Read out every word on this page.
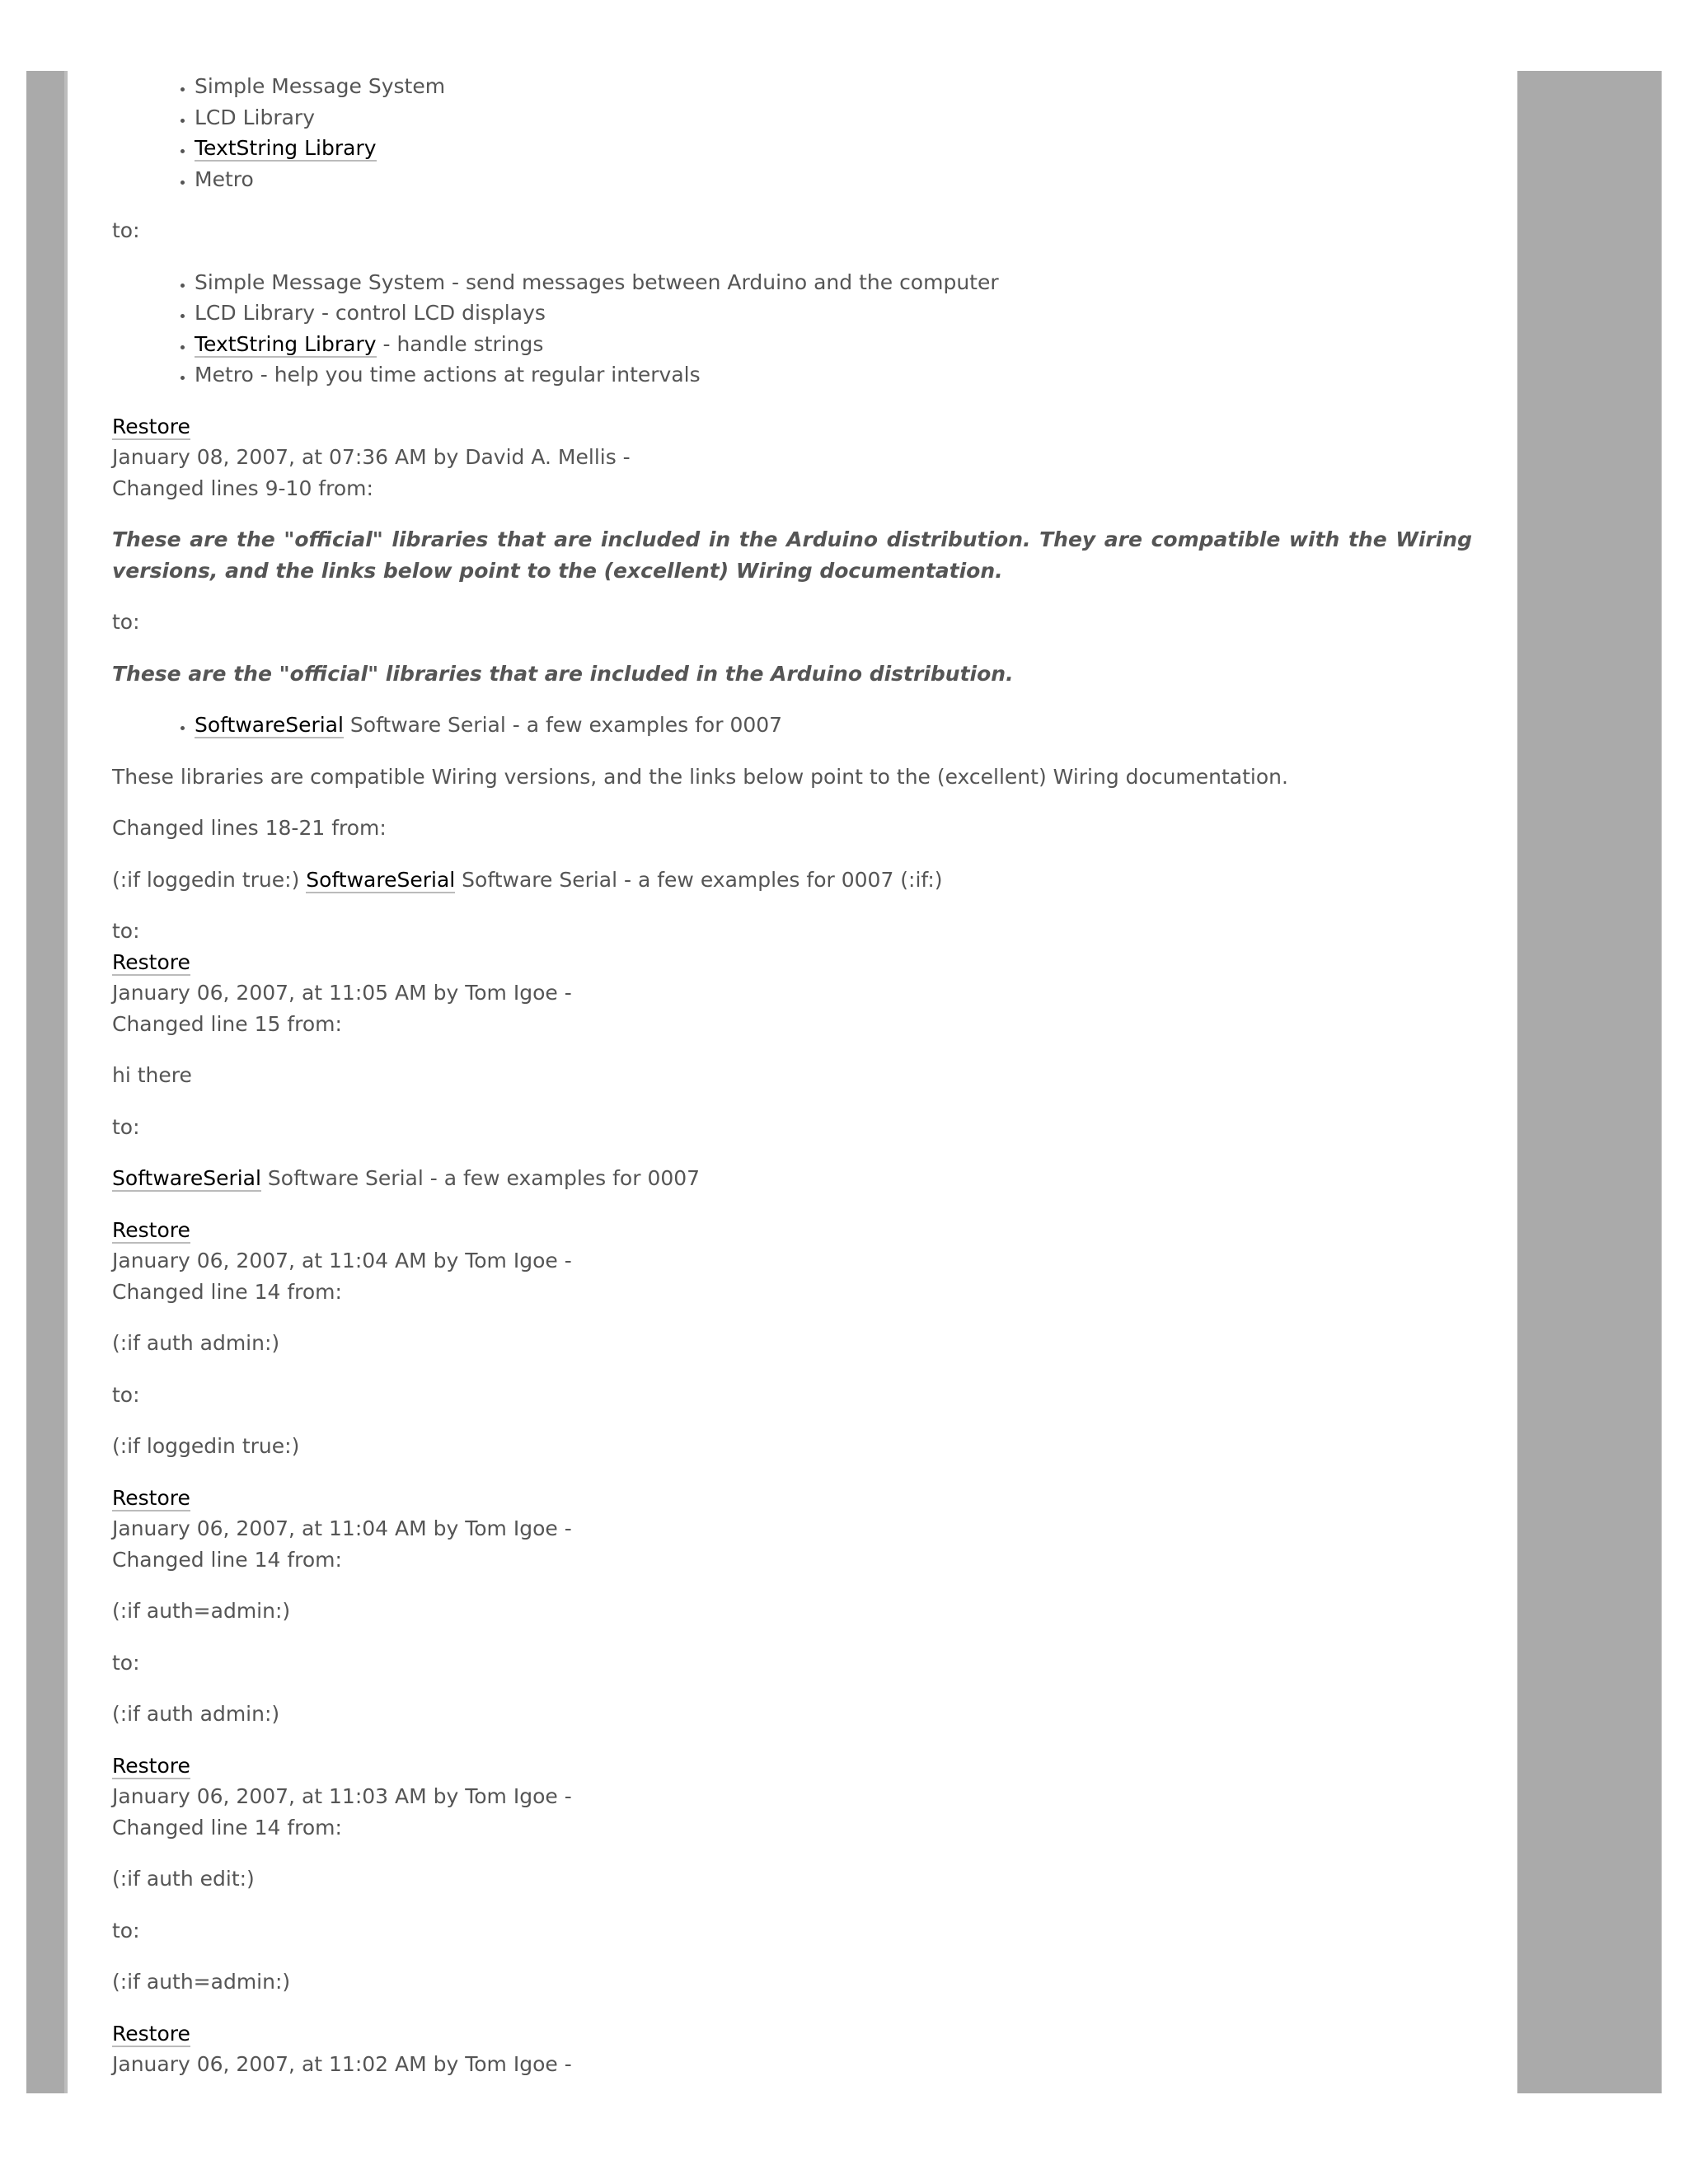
• Simple Message System
• LCD Library
• TextString Library
• Metro

to:

• Simple Message System - send messages between Arduino and the computer
• LCD Library - control LCD displays
• TextString Library - handle strings
• Metro - help you time actions at regular intervals

Restore

January 08, 2007, at 07:36 AM by David A. Mellis -

Changed lines 9-10 from:

These are the "official" libraries that are included in the Arduino distribution. They are compatible with the Wiring versions, and the links below point to the (excellent) Wiring documentation.

to:

These are the "official" libraries that are included in the Arduino distribution.

• SoftwareSerial Software Serial - a few examples for 0007

These libraries are compatible Wiring versions, and the links below point to the (excellent) Wiring documentation.

Changed lines 18-21 from:

(:if loggedin true:) SoftwareSerial Software Serial - a few examples for 0007 (:if:)

to:

Restore

January 06, 2007, at 11:05 AM by Tom Igoe -

Changed line 15 from:

hi there

to:

SoftwareSerial Software Serial - a few examples for 0007

Restore

January 06, 2007, at 11:04 AM by Tom Igoe -

Changed line 14 from:

(:if auth admin:)

to:

(:if loggedin true:)

Restore

January 06, 2007, at 11:04 AM by Tom Igoe -

Changed line 14 from:

(:if auth=admin:)

to:

(:if auth admin:)

Restore

January 06, 2007, at 11:03 AM by Tom Igoe -

Changed line 14 from:

(:if auth edit:)

to:

(:if auth=admin:)

Restore

January 06, 2007, at 11:02 AM by Tom Igoe -
